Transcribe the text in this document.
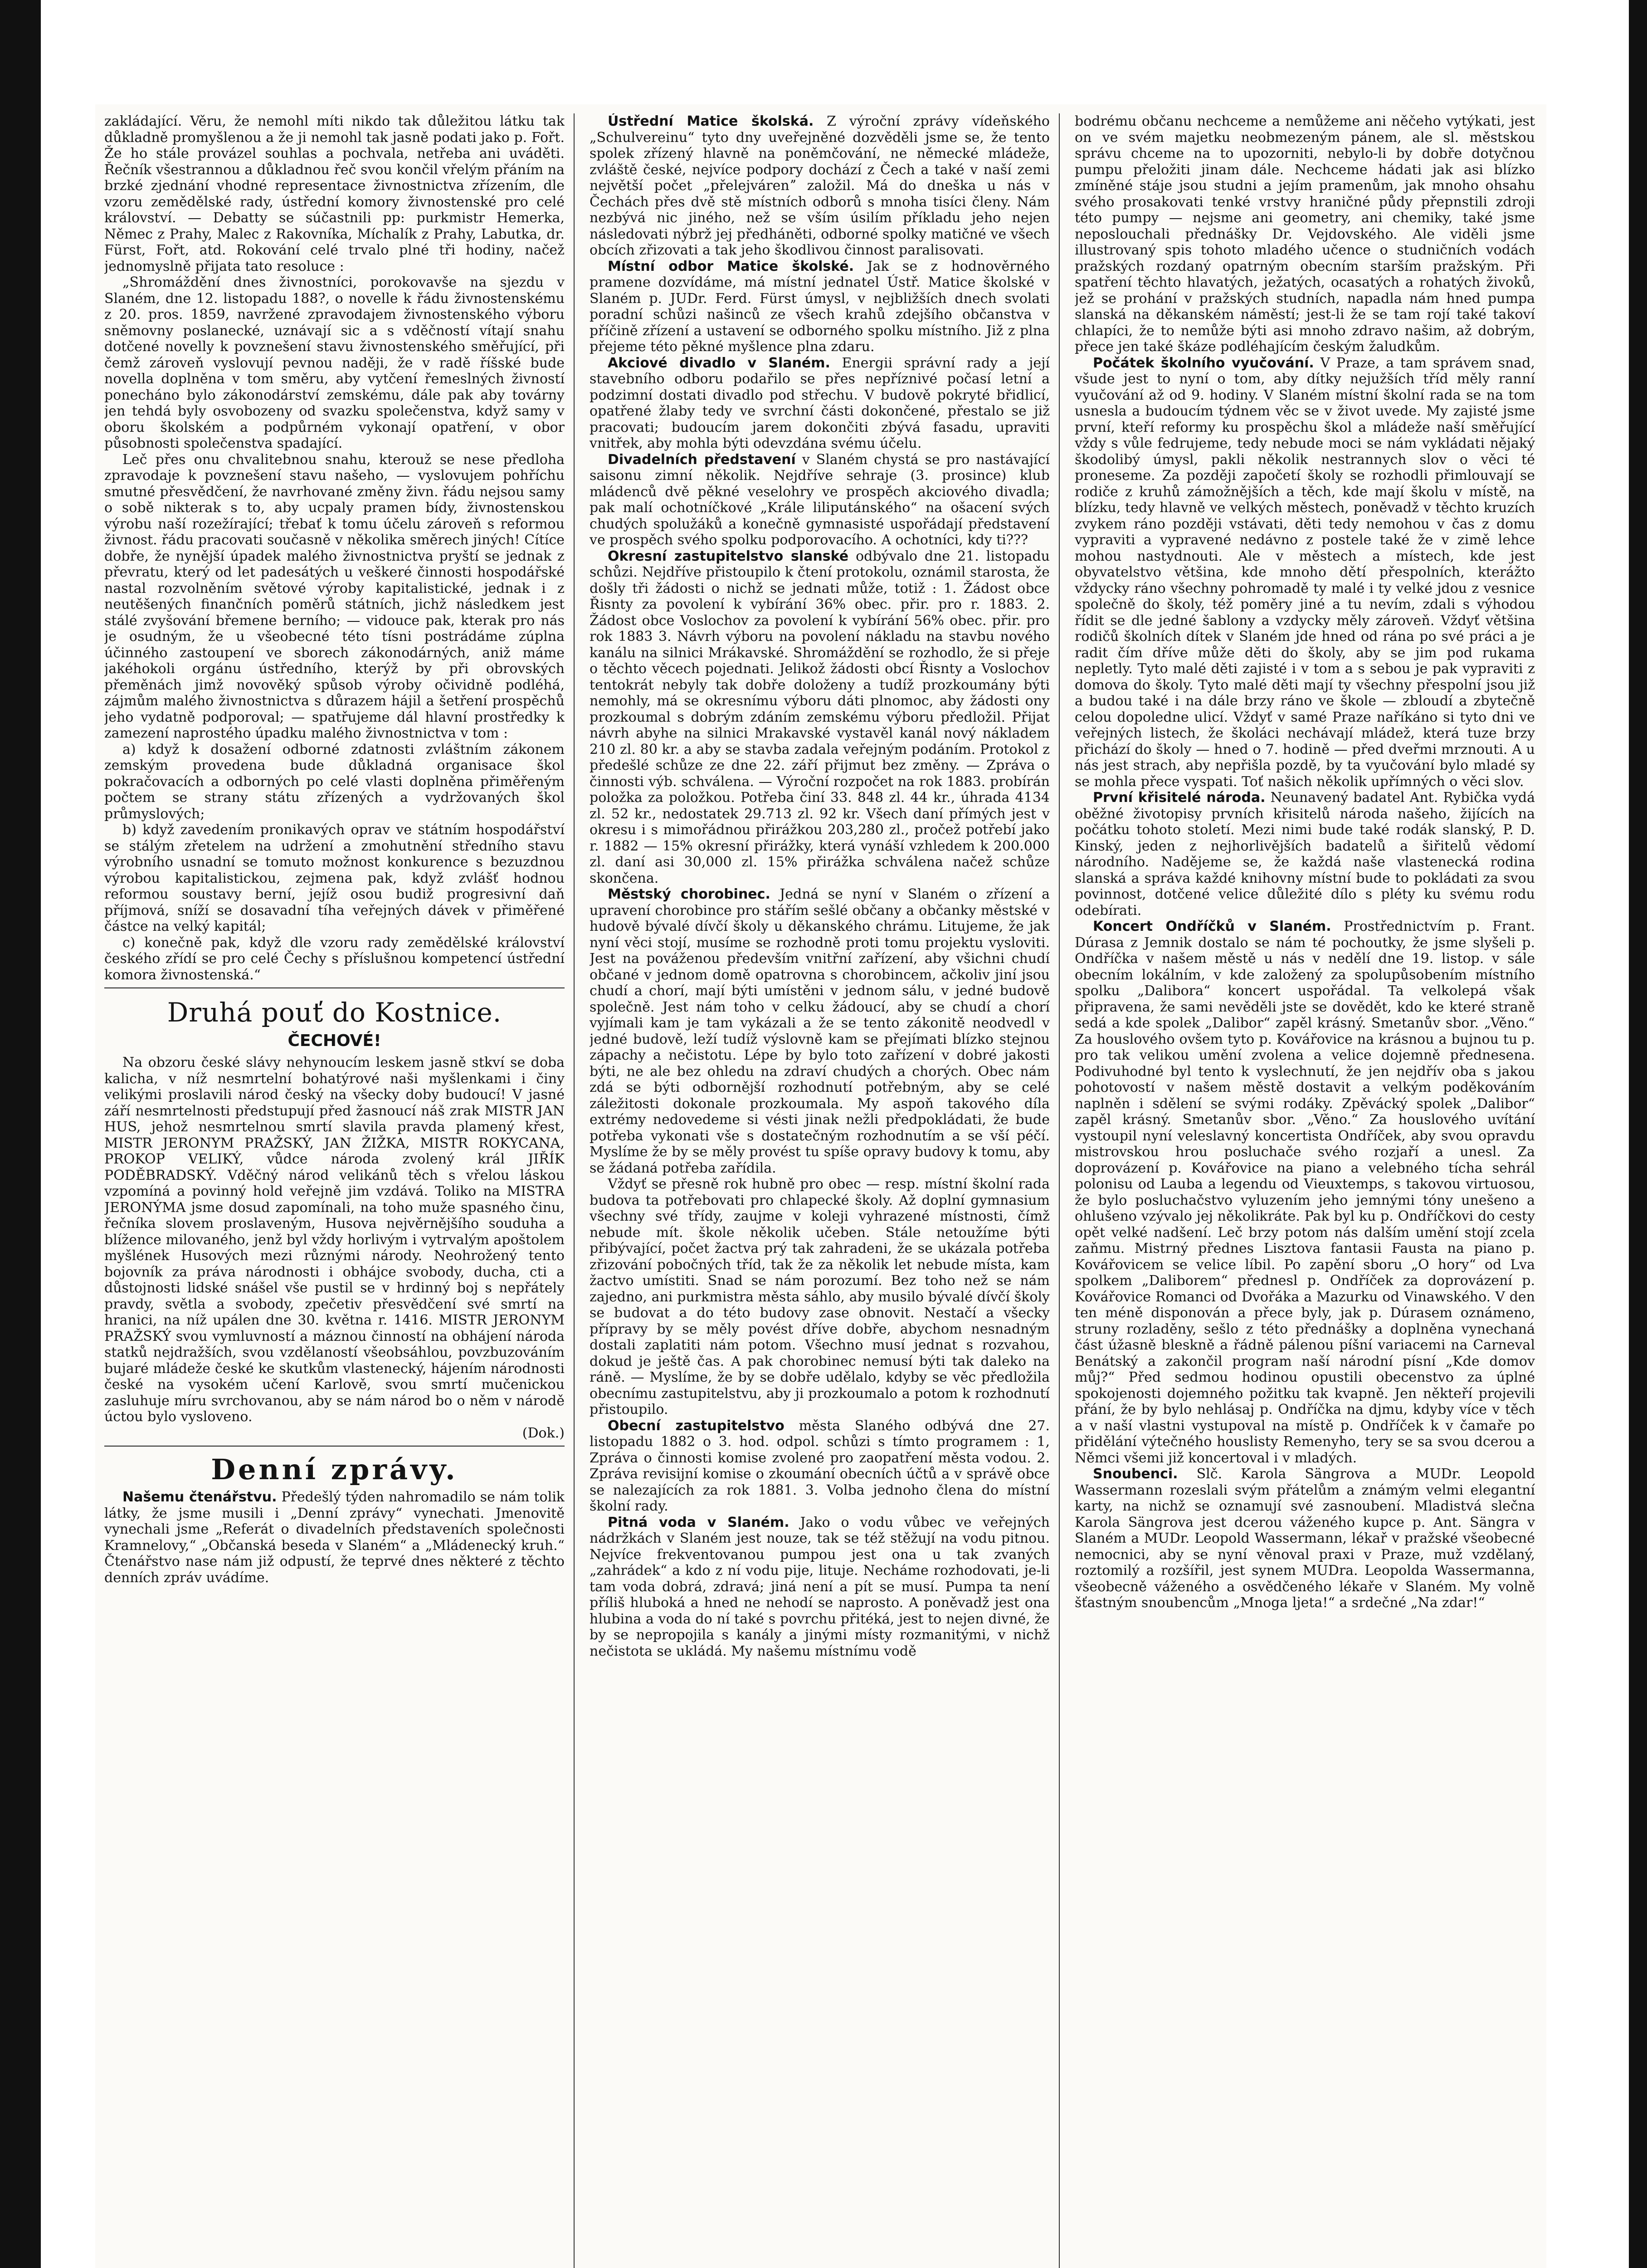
zakládající. Věru, že nemohl míti nikdo tak důležitou látku tak důkladně promyšlenou a že ji nemohl tak jasně podati jako p. Fořt. Že ho stále provázel souhlas a pochvala, netřeba ani uváděti. Řečník všestrannou a důkladnou řeč svou končil vřelým přáním na brzké zjednání vhodné representace živnostnictva zřízením, dle vzoru zemědělské rady, ústřední komory živnostenské pro celé království. — Debatty se súčastnili pp: purkmistr Hemerka, Němec z Prahy, Malec z Rakovníka, Míchalík z Prahy, Labutka, dr. Fürst, Fořt, atd. Rokování celé trvalo plné tři hodiny, načež jednomyslně přijata tato resoluce :

„Shromáždění dnes živnostníci, porokovavše na sjezdu v Slaném, dne 12. listopadu 188?, o novelle k řádu živnostenskému z 20. pros. 1859, navržené zpravodajem živnostenského výboru sněmovny poslanecké, uznávají sic a s vděčností vítají snahu dotčené novelly k povznešení stavu živnostenského směřující, při čemž zároveň vyslovují pevnou naději, že v radě říšské bude novella doplněna v tom směru, aby vytčení řemeslných živností ponecháno bylo zákonodárství zemskému, dále pak aby továrny jen tehdá byly osvobozeny od svazku společenstva, když samy v oboru školském a podpůrném vykonají opatření, v obor působnosti společenstva spadající.

Leč přes onu chvalitebnou snahu, kterouž se nese předloha zpravodaje k povznešení stavu našeho, — vyslovujem pohříchu smutné přesvědčení, že navrhované změny živn. řádu nejsou samy o sobě nikterak s to, aby ucpaly pramen bídy, živnostenskou výrobu naší rozežírající; třebať k tomu účelu zároveň s reformou živnost. řádu pracovati současně v několika směrech jiných! Cítíce dobře, že nynější úpadek malého živnostnictva pryští se jednak z převratu, který od let padesátých u veškeré činnosti hospodářské nastal rozvolněním světové výroby kapitalistické, jednak i z neutěšených finančních poměrů státních, jichž následkem jest stálé zvyšování břemene berního; — vidouce pak, kterak pro nás je osudným, že u všeobecné této tísni postrádáme zúplna účinného zastoupení ve sborech zákonodárných, aniž máme jakéhokoli orgánu ústředního, kterýž by při obrovských přeměnách jimž novověký spůsob výroby očividně podléhá, zájmům malého živnostnictva s důrazem hájil a šetření prospěchů jeho vydatně podporoval; — spatřujeme dál hlavní prostředky k zamezení naprostého úpadku malého živnostnictva v tom :

a) když k dosažení odborné zdatnosti zvláštním zákonem zemským provedena bude důkladná organisace škol pokračovacích a odborných po celé vlasti doplněna přiměřeným počtem se strany státu zřízených a vydržovaných škol průmyslových;

b) když zavedením pronikavých oprav ve státním hospodářství se stálým zřetelem na udržení a zmohutnění středního stavu výrobního usnadní se tomuto možnost konkurence s bezuzdnou výrobou kapitalistickou, zejmena pak, když zvlášť hodnou reformou soustavy berní, jejíž osou budiž progresivní daň příjmová, sníží se dosavadní tíha veřejných dávek v přiměřené částce na velký kapitál;

c) konečně pak, když dle vzoru rady zemědělské království českého zřídí se pro celé Čechy s příslušnou kompetencí ústřední komora živnostenská.“

Druhá pouť do Kostnice.
ČECHOVÉ!

Na obzoru české slávy nehynoucím leskem jasně stkví se doba kalicha, v níž nesmrtelní bohatýrové naši myšlenkami i činy velikými proslavili národ český na všecky doby budoucí! V jasné září nesmrtelnosti předstupují před žasnoucí náš zrak MISTR JAN HUS, jehož nesmrtelnou smrtí slavila pravda plamený křest, MISTR JERONYM PRAŽSKÝ, JAN ŽIŽKA, MISTR ROKYCANA, PROKOP VELIKÝ, vůdce národa zvolený král JIŘÍK PODĚBRADSKÝ. Vděčný národ velikánů těch s vřelou láskou vzpomíná a povinný hold veřejně jim vzdává. Toliko na MISTRA JERONÝMA jsme dosud zapomínali, na toho muže spasného činu, řečníka slovem proslaveným, Husova nejvěrnějšího souduha a blížence milovaného, jenž byl vždy horlivým i vytrvalým apoštolem myšlének Husových mezi různými národy. Neohrožený tento bojovník za práva národnosti i obhájce svobody, ducha, cti a důstojnosti lidské snášel vše pustil se v hrdinný boj s nepřátely pravdy, světla a svobody, zpečetiv přesvědčení své smrtí na hranici, na níž upálen dne 30. května r. 1416. MISTR JERONYM PRAŽSKÝ svou vymluvností a máznou činností na obhájení národa statků nejdražších, svou vzdělaností všeobsáhlou, povzbuzováním bujaré mládeže české ke skutkům vlastenecký, hájením národnosti české na vysokém učení Karlově, svou smrtí mučenickou zasluhuje míru svrchovanou, aby se nám národ bo o něm v národě úctou bylo vysloveno.

(Dok.)
Denní zprávy.

Našemu čtenářstvu. Předešlý týden nahromadilo se nám tolik látky, že jsme musili i „Denní zprávy“ vynechati. Jmenovitě vynechali jsme „Referát o divadelních představeních společnosti Kramnelovy,“ „Občanská beseda v Slaném“ a „Mládenecký kruh.“ Čtenářstvo nase nám již odpustí, že teprvé dnes některé z těchto denních zpráv uvádíme.

Ústřední Matice školská. Z výroční zprávy vídeňského „Schulvereinu“ tyto dny uveřejněné dozvěděli jsme se, že tento spolek zřízený hlavně na poněmčování, ne německé mládeže, zvláště české, nejvíce podpory dochází z Čech a také v naší zemi největší počet „přelejvárenˮ založil. Má do dneška u nás v Čechách přes dvě stě místních odborů s mnoha tisíci členy. Nám nezbývá nic jiného, než se vším úsilím příkladu jeho nejen následovati nýbrž jej předháněti, odborné spolky matičné ve všech obcích zřizovati a tak jeho škodlivou činnost paralisovati.

Místní odbor Matice školské. Jak se z hodnověrného pramene dozvídáme, má místní jednatel Ústř. Matice školské v Slaném p. JUDr. Ferd. Fürst úmysl, v nejbližších dnech svolati poradní schůzi našinců ze všech krahů zdejšího občanstva v příčině zřízení a ustavení se odborného spolku místního. Již z plna přejeme této pěkné myšlence plna zdaru.

Akciové divadlo v Slaném. Energii správní rady a její stavebního odboru podařilo se přes nepříznivé počasí letní a podzimní dostati divadlo pod střechu. V budově pokryté břidlicí, opatřené žlaby tedy ve svrchní části dokončené, přestalo se již pracovati; budoucím jarem dokončiti zbývá fasadu, upraviti vnitřek, aby mohla býti odevzdána svému účelu.

Divadelních představení v Slaném chystá se pro nastávající saisonu zimní několik. Nejdříve sehraje (3. prosince) klub mládenců dvě pěkné veselohry ve prospěch akciového divadla; pak malí ochotníčkové „Krále liliputánského“ na ošacení svých chudých spolužáků a konečně gymnasisté uspořádají představení ve prospěch svého spolku podporovacího. A ochotníci, kdy ti???

Okresní zastupitelstvo slanské odbývalo dne 21. listopadu schůzi. Nejdříve přistoupilo k čtení protokolu, oznámil starosta, že došly tři žádosti o nichž se jednati může, totiž : 1. Žádost obce Řisnty za povolení k vybírání 36% obec. přir. pro r. 1883. 2. Žádost obce Voslochov za povolení k vybírání 56% obec. přir. pro rok 1883 3. Návrh výboru na povolení nákladu na stavbu nového kanálu na silnici Mrákavské. Shromáždění se rozhodlo, že si přeje o těchto věcech pojednati. Jelikož žádosti obcí Řisnty a Voslochov tentokrát nebyly tak dobře doloženy a tudíž prozkoumány býti nemohly, má se okresnímu výboru dáti plnomoc, aby žádosti ony prozkoumal s dobrým zdáním zemskému výboru předložil. Přijat návrh abyhe na silnici Mrakavské vystavěl kanál nový nákladem 210 zl. 80 kr. a aby se stavba zadala veřejným podáním. Protokol z předešlé schůze ze dne 22. září přijmut bez změny. — Zpráva o činnosti výb. schválena. — Výroční rozpočet na rok 1883. probírán položka za položkou. Potřeba činí 33. 848 zl. 44 kr., úhrada 4134 zl. 52 kr., nedostatek 29.713 zl. 92 kr. Všech daní přímých jest v okresu i s mimořádnou přirážkou 203,280 zl., pročež potřebí jako r. 1882 — 15% okresní přirážky, která vynáší vzhledem k 200.000 zl. daní asi 30,000 zl. 15% přirážka schválena načež schůze skončena.

Městský chorobinec. Jedná se nyní v Slaném o zřízení a upravení chorobince pro stářím sešlé občany a občanky městské v hudově bývalé dívčí školy u děkanského chrámu. Litujeme, že jak nyní věci stojí, musíme se rozhodně proti tomu projektu vysloviti. Jest na pováženou především vnitřní zařízení, aby všichni chudí občané v jednom domě opatrovna s chorobincem, ačkoliv jiní jsou chudí a chorí, mají býti umístěni v jednom sálu, v jedné budově společně. Jest nám toho v celku žádoucí, aby se chudí a chorí vyjímali kam je tam vykázali a že se tento zákonitě neodvedl v jedné budově, leží tudíž výslovně kam se přejímati blízko stejnou zápachy a nečistotu. Lépe by bylo toto zařízení v dobré jakosti býti, ne ale bez ohledu na zdraví chudých a chorých. Obec nám zdá se býti odbornější rozhodnutí potřebným, aby se celé záležitosti dokonale prozkoumala. My aspoň takového díla extrémy nedovedeme si vésti jinak nežli předpokládati, že bude potřeba vykonati vše s dostatečným rozhodnutím a se vší péčí. Myslíme že by se měly provést tu spíše opravy budovy k tomu, aby se žádaná potřeba zařídila.

Vždyť se přesně rok hubně pro obec — resp. místní školní rada budova ta potřebovati pro chlapecké školy. Až doplní gymnasium všechny své třídy, zaujme v koleji vyhrazené místnosti, čímž nebude mít. škole několik učeben. Stále netoužíme býti přibývající, počet žactva prý tak zahradeni, že se ukázala potřeba zřizování pobočných tříd, tak že za několik let nebude místa, kam žactvo umístiti. Snad se nám porozumí. Bez toho než se nám zajedno, ani purkmistra města sáhlo, aby musilo bývalé dívčí školy se budovat a do této budovy zase obnovit. Nestačí a všecky přípravy by se měly povést dříve dobře, abychom nesnadným dostali zaplatiti nám potom. Všechno musí jednat s rozvahou, dokud je ještě čas. A pak chorobinec nemusí býti tak daleko na ráně. — Myslíme, že by se dobře udělalo, kdyby se věc předložila obecnímu zastupitelstvu, aby ji prozkoumalo a potom k rozhodnutí přistoupilo.

Obecní zastupitelstvo města Slaného odbývá dne 27. listopadu 1882 o 3. hod. odpol. schůzi s tímto programem : 1, Zpráva o činnosti komise zvolené pro zaopatření města vodou. 2. Zpráva revisijní komise o zkoumání obecních účtů a v správě obce se nalezajících za rok 1881. 3. Volba jednoho člena do místní školní rady.

Pitná voda v Slaném. Jako o vodu vůbec ve veřejných nádržkách v Slaném jest nouze, tak se též stěžují na vodu pitnou. Nejvíce frekventovanou pumpou jest ona u tak zvaných „zahrádek“ a kdo z ní vodu pije, lituje. Necháme rozhodovati, je-li tam voda dobrá, zdravá; jiná není a pít se musí. Pumpa ta není příliš hluboká a hned ne nehodí se naprosto. A poněvadž jest ona hlubina a voda do ní také s povrchu přitéká, jest to nejen divné, že by se nepropojila s kanály a jinými místy rozmanitými, v nichž nečistota se ukládá. My našemu místnímu vodě

bodrému občanu nechceme a nemůžeme ani něčeho vytýkati, jest on ve svém majetku neobmezeným pánem, ale sl. městskou správu chceme na to upozorniti, nebylo-li by dobře dotyčnou pumpu přeložiti jinam dále. Nechceme hádati jak asi blízko zmíněné stáje jsou studni a jejím pramenům, jak mnoho ohsahu svého prosakovati tenké vrstvy hraničné půdy přepnstili zdroji této pumpy — nejsme ani geometry, ani chemiky, také jsme neposlouchali přednášky Dr. Vejdovského. Ale viděli jsme illustrovaný spis tohoto mladého učence o studničních vodách pražských rozdaný opatrným obecním starším pražským. Při spatření těchto hlavatých, ježatých, ocasatých a rohatých živoků, jež se prohání v pražských studních, napadla nám hned pumpa slanská na děkanském náměstí; jest-li že se tam rojí také takoví chlapíci, že to nemůže býti asi mnoho zdravo našim, až dobrým, přece jen také škáze podléhajícím českým žaludkům.

Počátek školního vyučování. V Praze, a tam správem snad, všude jest to nyní o tom, aby dítky nejužších tříd měly ranní vyučování až od 9. hodiny. V Slaném místní školní rada se na tom usnesla a budoucím týdnem věc se v život uvede. My zajisté jsme první, kteří reformy ku prospěchu škol a mládeže naší směřující vždy s vůle fedrujeme, tedy nebude moci se nám vykládati nějaký škodolibý úmysl, pakli několik nestrannych slov o věci té proneseme. Za později započetí školy se rozhodli přimlouvají se rodiče z kruhů zámožnějších a těch, kde mají školu v místě, na blízku, tedy hlavně ve velkých městech, poněvadž v těchto kruzích zvykem ráno později vstávati, děti tedy nemohou v čas z domu vypraviti a vypravené nedávno z postele také že v zimě lehce mohou nastydnouti. Ale v městech a místech, kde jest obyvatelstvo většina, kde mnoho dětí přespolních, kterážto vždycky ráno všechny pohromadě ty malé i ty velké jdou z vesnice společně do školy, též poměry jiné a tu nevím, zdali s výhodou řídit se dle jedné šablony a vzdycky měly zároveň. Vždyť většina rodičů školních dítek v Slaném jde hned od rána po své práci a je radit čím dříve může děti do školy, aby se jim pod rukama nepletly. Tyto malé děti zajisté i v tom a s sebou je pak vypraviti z domova do školy. Tyto malé děti mají ty všechny přespolní jsou již a budou také i na dále brzy ráno ve škole — zbloudí a zbytečně celou dopoledne ulicí. Vždyť v samé Praze naříkáno si tyto dni ve veřejných listech, že školáci nechávají mládež, která tuze brzy přichází do školy — hned o 7. hodině — před dveřmi mrznouti. A u nás jest strach, aby nepřišla pozdě, by ta vyučování bylo mladé sy se mohla přece vyspati. Toť našich několik upřímných o věci slov.

První křisitelé národa. Neunavený badatel Ant. Rybička vydá oběžné životopisy prvních křisitelů národa našeho, žijících na počátku tohoto století. Mezi nimi bude také rodák slanský, P. D. Kinský, jeden z nejhorlivějších badatelů a šiřitelů vědomí národního. Nadějeme se, že každá naše vlastenecká rodina slanská a správa každé knihovny místní bude to pokládati za svou povinnost, dotčené velice důležité dílo s pléty ku svému rodu odebírati.

Koncert Ondříčků v Slaném. Prostřednictvím p. Frant. Dúrasa z Jemnik dostalo se nám té pochoutky, že jsme slyšeli p. Ondříčka v našem městě u nás v nedělí dne 19. listop. v sále obecním lokálním, v kde založený za spolupůsobením místního spolku „Dalibora“ koncert uspořádal. Ta velkolepá však připravena, že sami nevěděli jste se dovědět, kdo ke které straně sedá a kde spolek „Dalibor“ zapěl krásný. Smetanův sbor. „Věno.“ Za houslového ovšem tyto p. Kovářovice na krásnou a bujnou tu p. pro tak velikou umění zvolena a velice dojemně přednesena. Podivuhodné byl tento k vyslechnutí, že jen nejdřív oba s jakou pohotovostí v našem městě dostavit a velkým poděkováním naplněn i sdělení se svými rodáky. Zpěvácký spolek „Dalibor“ zapěl krásný. Smetanův sbor. „Věno.“ Za houslového uvítání vystoupil nyní veleslavný koncertista Ondříček, aby svou opravdu mistrovskou hrou posluchače svého rozjaří a unesl. Za doprovázení p. Kovářovice na piano a velebného tícha sehrál polonisu od Lauba a legendu od Vieuxtemps, s takovou virtuosou, že bylo posluchačstvo vyluzením jeho jemnými tóny unešeno a ohlušeno vzývalo jej několikráte. Pak byl ku p. Ondříčkovi do cesty opět velké nadšení. Leč brzy potom nás dalším umění stojí zcela zaňmu. Mistrný přednes Lisztova fantasii Fausta na piano p. Kovářovicem se velice líbil. Po zapění sboru „O hory“ od Lva spolkem „Daliborem“ přednesl p. Ondříček za doprovázení p. Kovářovice Romanci od Dvořáka a Mazurku od Vinawského. V den ten méně disponován a přece byly, jak p. Dúrasem oznámeno, struny rozladěny, sešlo z této přednášky a doplněna vynechaná část úžasně bleskně a řádně pálenou píšní variacemi na Carneval Benátský a zakončil program naší národní písní „Kde domov můj?“ Před sedmou hodinou opustili obecenstvo za úplné spokojenosti dojemného požitku tak kvapně. Jen někteří projevili přání, že by bylo nehlásaj p. Ondříčka na djmu, kdyby více v těch a v naší vlastni vystupoval na místě p. Ondříček k v čamaře po přidělání výtečného houslisty Remenyho, tery se sa svou dcerou a Němci všemi již koncertoval i v mladých.

Snoubenci. Slč. Karola Sängrova a MUDr. Leopold Wassermann rozeslali svým přátelům a známým velmi elegantní karty, na nichž se oznamují své zasnoubení. Mladistvá slečna Karola Sängrova jest dcerou váženého kupce p. Ant. Sängra v Slaném a MUDr. Leopold Wassermann, lékař v pražské všeobecné nemocnici, aby se nyní věnoval praxi v Praze, muž vzdělaný, roztomilý a rozšířil, jest synem MUDra. Leopolda Wassermanna, všeobecně váženého a osvědčeného lékaře v Slaném. My volně šťastným snoubencům „Mnoga ljeta!“ a srdečné „Na zdar!“
